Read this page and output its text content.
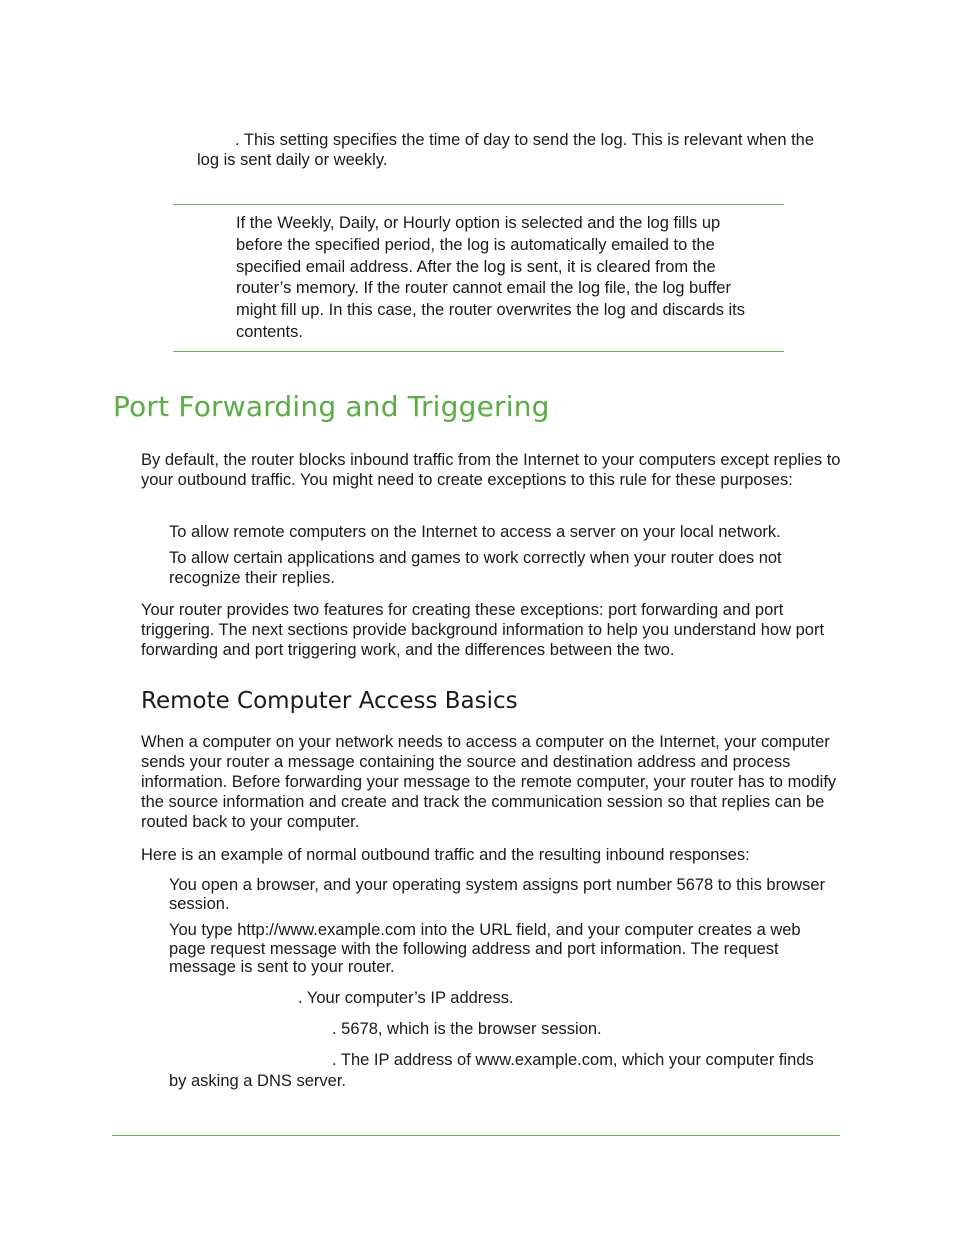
. This setting specifies the time of day to send the log. This is relevant when the

log is sent daily or weekly.

If the Weekly, Daily, or Hourly option is selected and the log fills up before the specified period, the log is automatically emailed to the specified email address. After the log is sent, it is cleared from the router’s memory. If the router cannot email the log file, the log buffer might fill up. In this case, the router overwrites the log and discards its contents.

Port Forwarding and Triggering

By default, the router blocks inbound traffic from the Internet to your computers except replies to your outbound traffic. You might need to create exceptions to this rule for these purposes:

To allow remote computers on the Internet to access a server on your local network.

To allow certain applications and games to work correctly when your router does not recognize their replies.

Your router provides two features for creating these exceptions: port forwarding and port triggering. The next sections provide background information to help you understand how port forwarding and port triggering work, and the differences between the two.

Remote Computer Access Basics

When a computer on your network needs to access a computer on the Internet, your computer sends your router a message containing the source and destination address and process information. Before forwarding your message to the remote computer, your router has to modify the source information and create and track the communication session so that replies can be routed back to your computer.

Here is an example of normal outbound traffic and the resulting inbound responses:

You open a browser, and your operating system assigns port number 5678 to this browser session.

You type http://www.example.com into the URL field, and your computer creates a web page request message with the following address and port information. The request message is sent to your router.

. Your computer’s IP address.

. 5678, which is the browser session.

. The IP address of www.example.com, which your computer finds

by asking a DNS server.
